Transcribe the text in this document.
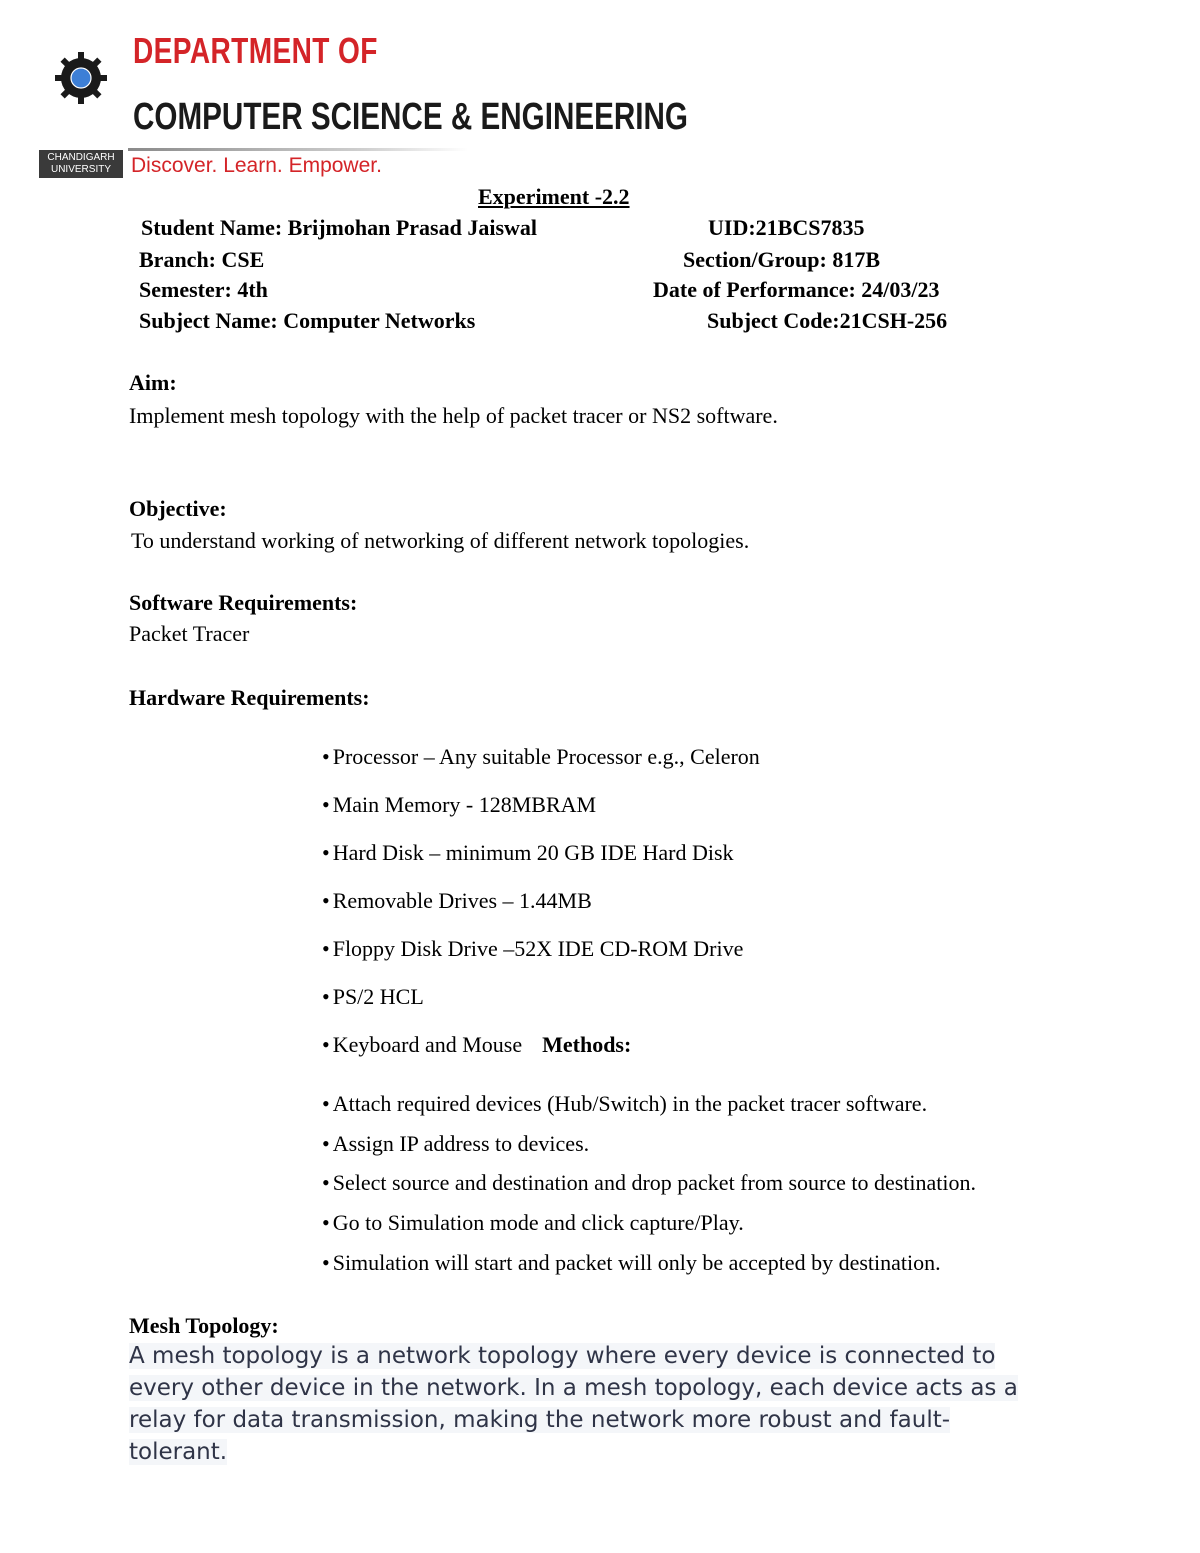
CU
CHANDIGARH
UNIVERSITY
DEPARTMENT OF
COMPUTER SCIENCE & ENGINEERING
Discover. Learn. Empower.
Experiment -2.2
Student Name: Brijmohan Prasad Jaiswal	UID:21BCS7835
Branch: CSE	Section/Group: 817B
Semester: 4th	Date of Performance: 24/03/23
Subject Name: Computer Networks	Subject Code:21CSH-256
Aim:
Implement mesh topology with the help of packet tracer or NS2 software.
Objective:
To understand working of networking of different network topologies.
Software Requirements:
Packet Tracer
Hardware Requirements:
• Processor – Any suitable Processor e.g., Celeron
• Main Memory - 128MBRAM
• Hard Disk – minimum 20 GB IDE Hard Disk
• Removable Drives – 1.44MB
• Floppy Disk Drive –52X IDE CD-ROM Drive
• PS/2 HCL
• Keyboard and Mouse Methods:
• Attach required devices (Hub/Switch) in the packet tracer software.
• Assign IP address to devices.
• Select source and destination and drop packet from source to destination.
• Go to Simulation mode and click capture/Play.
• Simulation will start and packet will only be accepted by destination.
Mesh Topology:
A mesh topology is a network topology where every device is connected to
every other device in the network. In a mesh topology, each device acts as a
relay for data transmission, making the network more robust and fault-
tolerant.
